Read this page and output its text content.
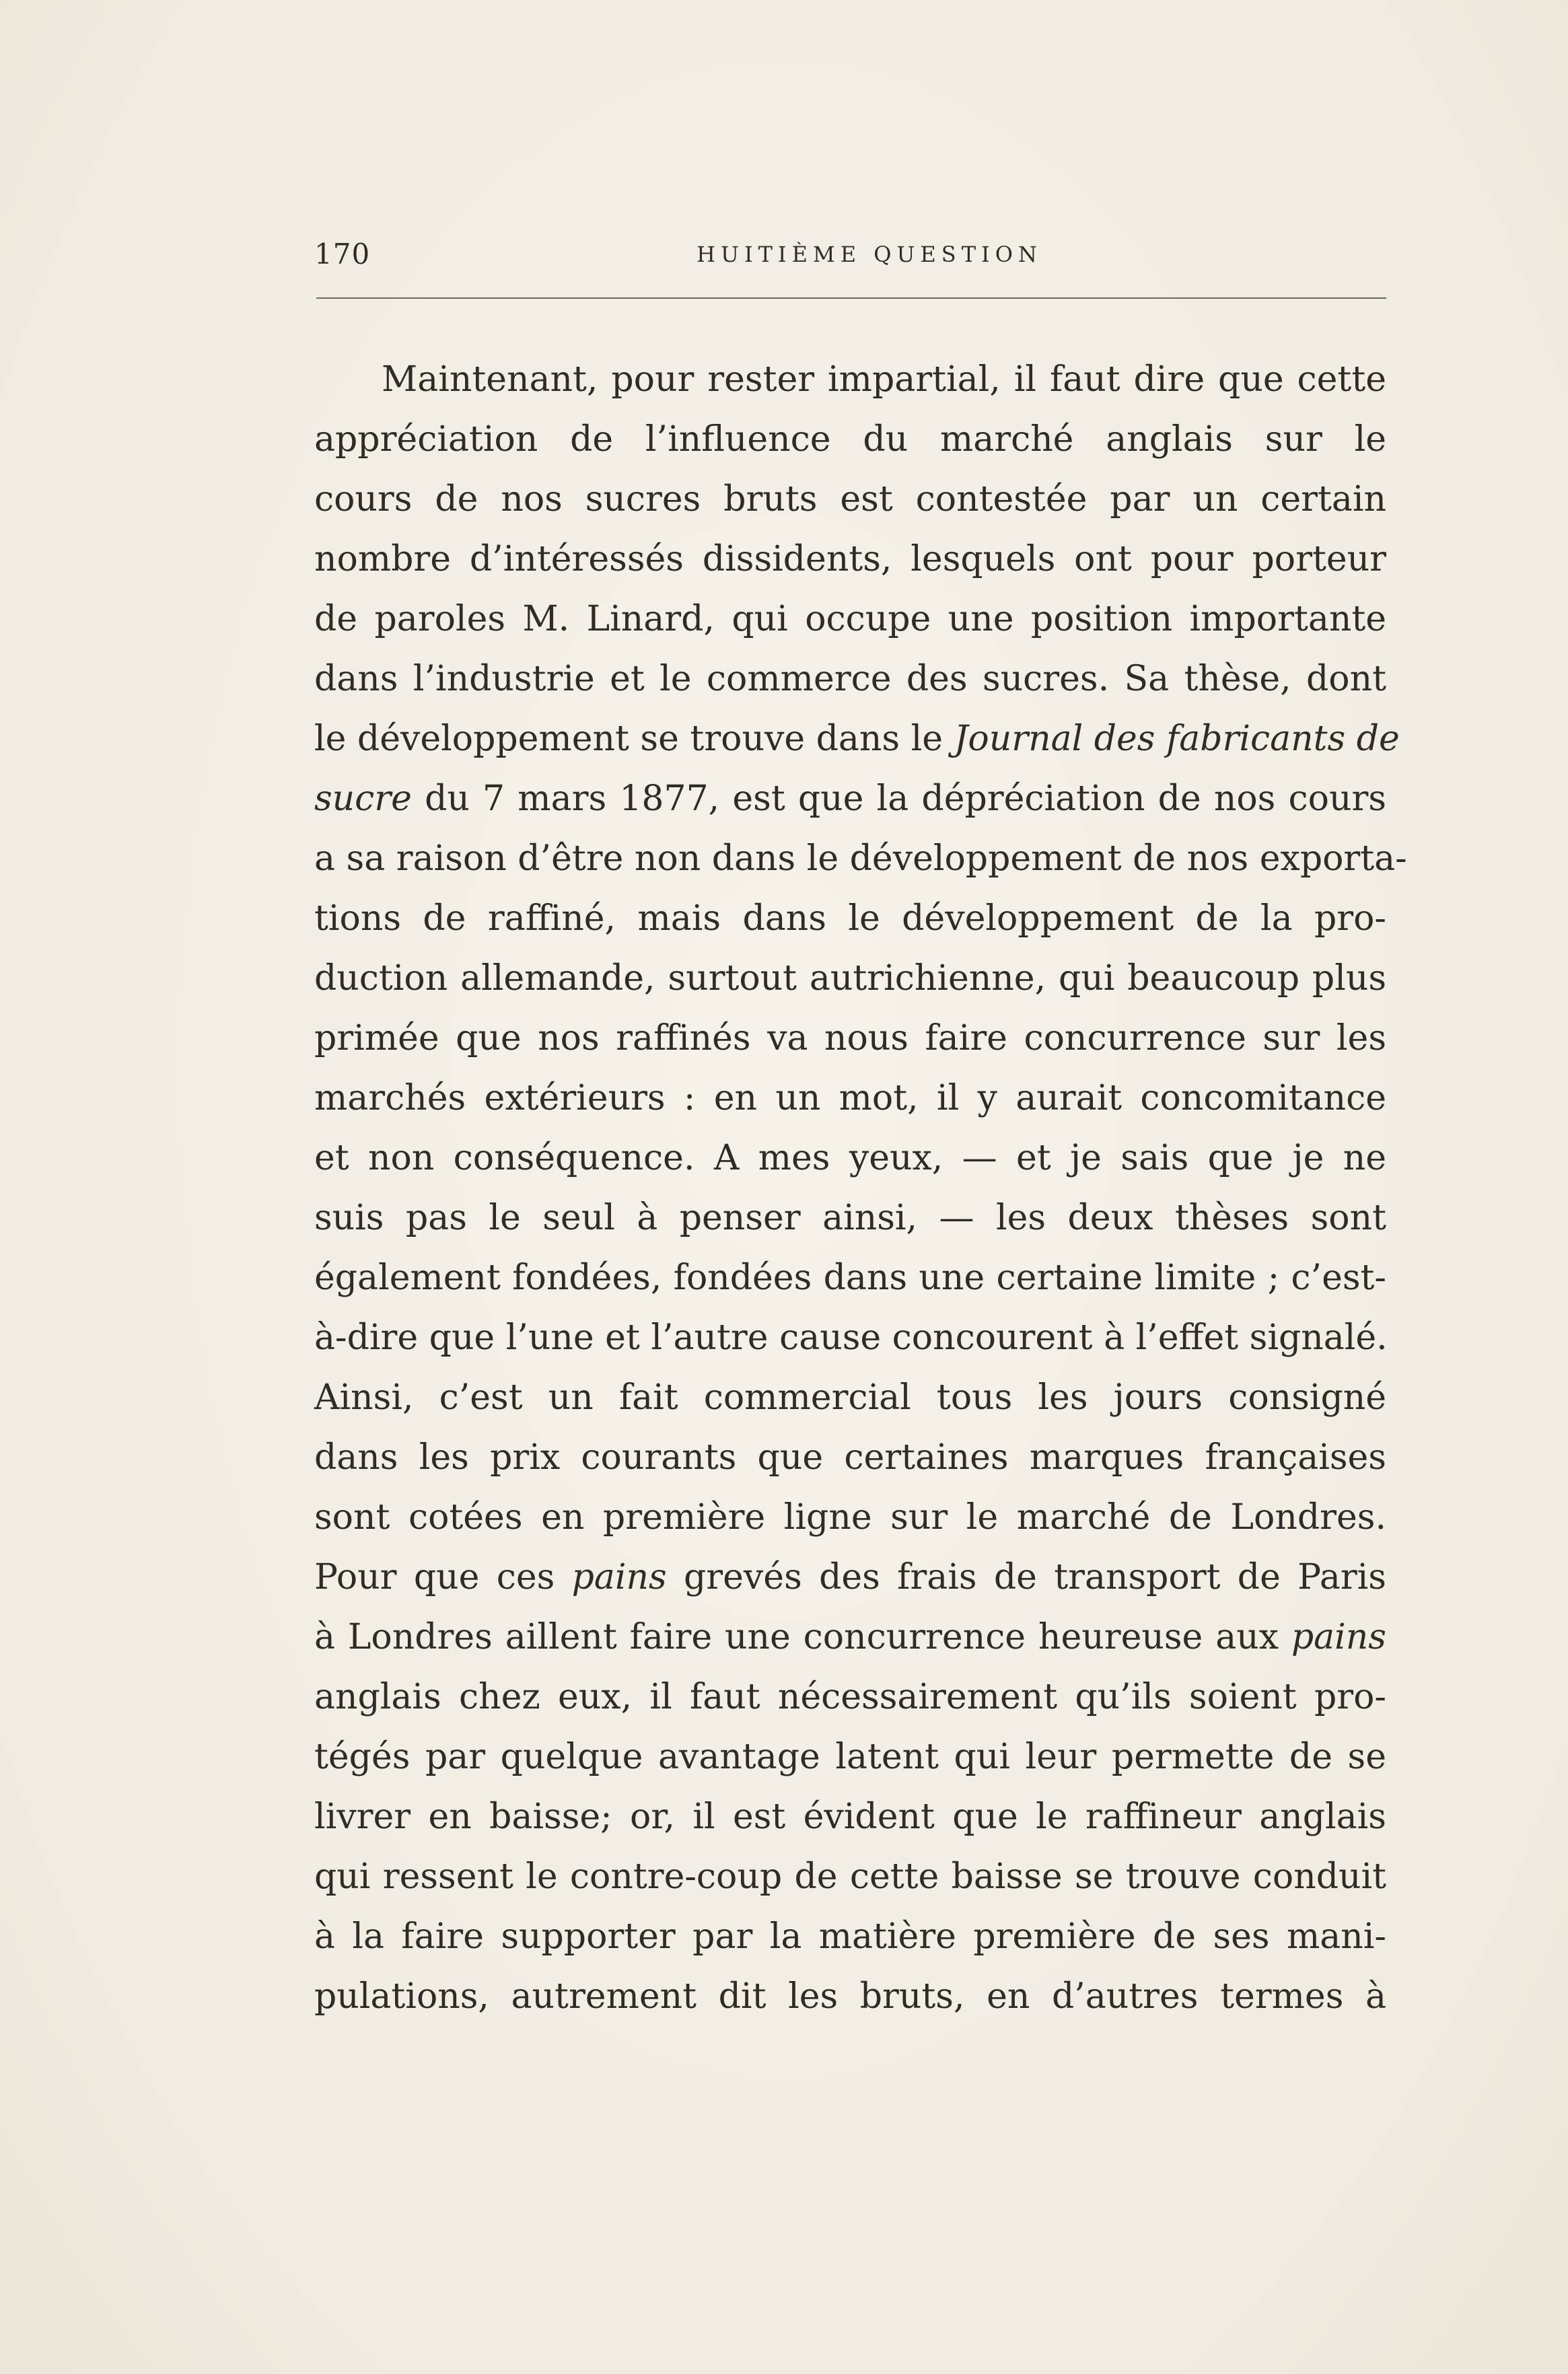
170	HUITIÈME QUESTION
Maintenant, pour rester impartial, il faut dire que cette
appréciation de l’influence du marché anglais sur le
cours de nos sucres bruts est contestée par un certain
nombre d’intéressés dissidents, lesquels ont pour porteur
de paroles M. Linard, qui occupe une position importante
dans l’industrie et le commerce des sucres. Sa thèse, dont
le développement se trouve dans le Journal des fabricants de
sucre du 7 mars 1877, est que la dépréciation de nos cours
a sa raison d’être non dans le développement de nos exporta-
tions de raffiné, mais dans le développement de la pro-
duction allemande, surtout autrichienne, qui beaucoup plus
primée que nos raffinés va nous faire concurrence sur les
marchés extérieurs : en un mot, il y aurait concomitance
et non conséquence. A mes yeux, — et je sais que je ne
suis pas le seul à penser ainsi, — les deux thèses sont
également fondées, fondées dans une certaine limite ; c’est-
à-dire que l’une et l’autre cause concourent à l’effet signalé.
Ainsi, c’est un fait commercial tous les jours consigné
dans les prix courants que certaines marques françaises
sont cotées en première ligne sur le marché de Londres.
Pour que ces pains grevés des frais de transport de Paris
à Londres aillent faire une concurrence heureuse aux pains
anglais chez eux, il faut nécessairement qu’ils soient pro-
tégés par quelque avantage latent qui leur permette de se
livrer en baisse; or, il est évident que le raffineur anglais
qui ressent le contre-coup de cette baisse se trouve conduit
à la faire supporter par la matière première de ses mani-
pulations, autrement dit les bruts, en d’autres termes à
